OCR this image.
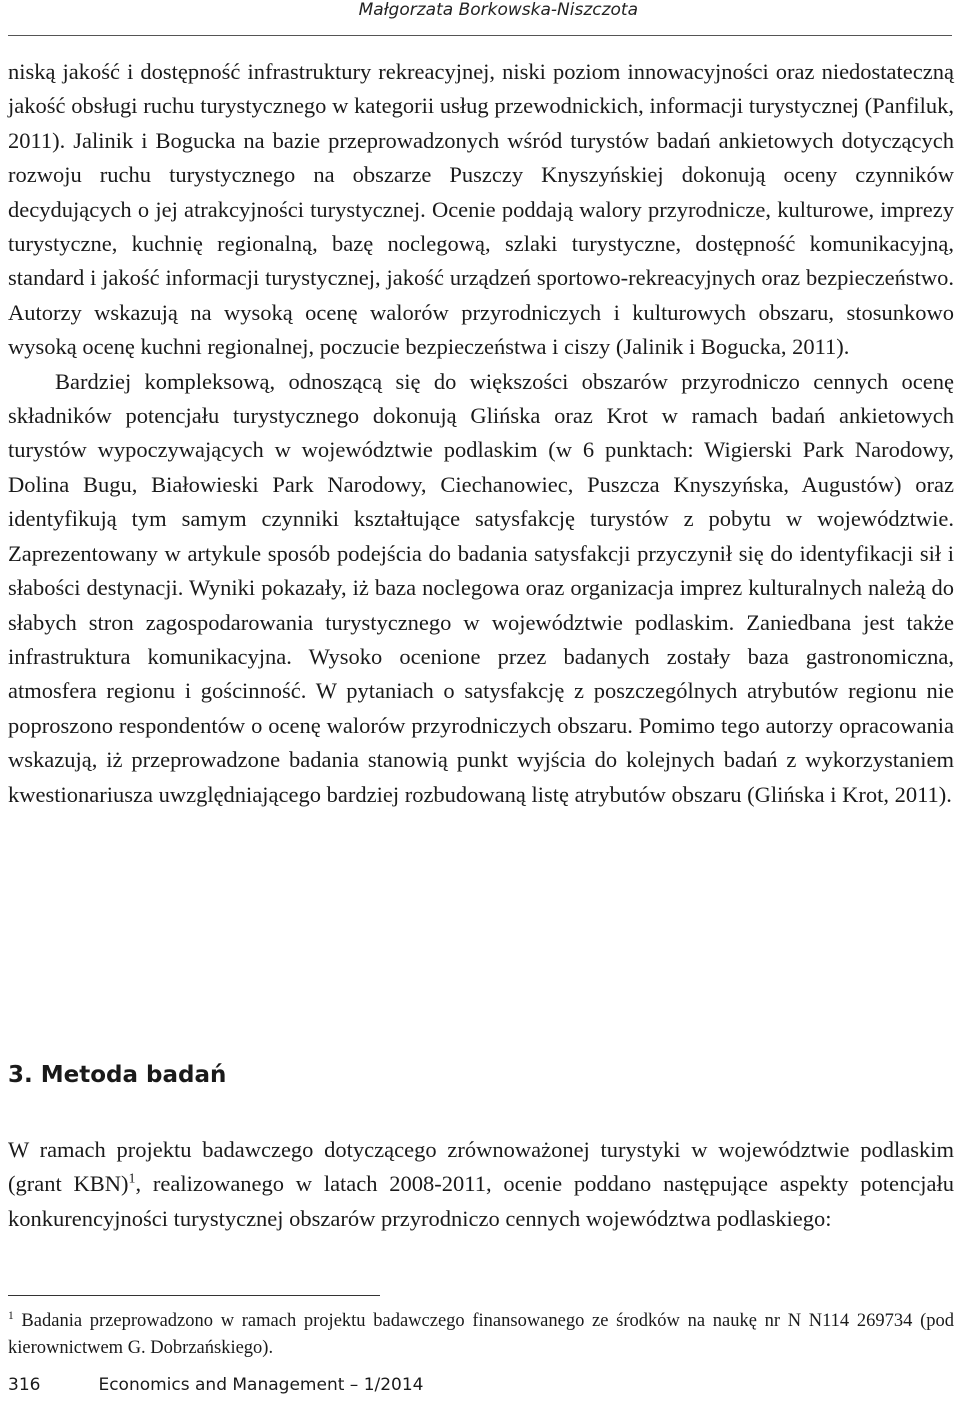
Małgorzata Borkowska-Niszczota

niską jakość i dostępność infrastruktury rekreacyjnej, niski poziom innowacyjności oraz niedostateczną jakość obsługi ruchu turystycznego w kategorii usług przewodnickich, informacji turystycznej (Panfiluk, 2011). Jalinik i Bogucka na bazie przeprowadzonych wśród turystów badań ankietowych dotyczących rozwoju ruchu turystycznego na obszarze Puszczy Knyszyńskiej dokonują oceny czynników decydujących o jej atrakcyjności turystycznej. Ocenie poddają walory przyrodnicze, kulturowe, imprezy turystyczne, kuchnię regionalną, bazę noclegową, szlaki turystyczne, dostępność komunikacyjną, standard i jakość informacji turystycznej, jakość urządzeń sportowo-rekreacyjnych oraz bezpieczeństwo. Autorzy wskazują na wysoką ocenę walorów przyrodniczych i kulturowych obszaru, stosunkowo wysoką ocenę kuchni regionalnej, poczucie bezpieczeństwa i ciszy (Jalinik i Bogucka, 2011).

Bardziej kompleksową, odnoszącą się do większości obszarów przyrodniczo cennych ocenę składników potencjału turystycznego dokonują Glińska oraz Krot w ramach badań ankietowych turystów wypoczywających w województwie podlaskim (w 6 punktach: Wigierski Park Narodowy, Dolina Bugu, Białowieski Park Narodowy, Ciechanowiec, Puszcza Knyszyńska, Augustów) oraz identyfikują tym samym czynniki kształtujące satysfakcję turystów z pobytu w województwie. Zaprezentowany w artykule sposób podejścia do badania satysfakcji przyczynił się do identyfikacji sił i słabości destynacji. Wyniki pokazały, iż baza noclegowa oraz organizacja imprez kulturalnych należą do słabych stron zagospodarowania turystycznego w województwie podlaskim. Zaniedbana jest także infrastruktura komunikacyjna. Wysoko ocenione przez badanych zostały baza gastronomiczna, atmosfera regionu i gościnność. W pytaniach o satysfakcję z poszczególnych atrybutów regionu nie poproszono respondentów o ocenę walorów przyrodniczych obszaru. Pomimo tego autorzy opracowania wskazują, iż przeprowadzone badania stanowią punkt wyjścia do kolejnych badań z wykorzystaniem kwestionariusza uwzględniającego bardziej rozbudowaną listę atrybutów obszaru (Glińska i Krot, 2011).

3. Metoda badań

W ramach projektu badawczego dotyczącego zrównoważonej turystyki w województwie podlaskim (grant KBN)$^1$, realizowanego w latach 2008-2011, ocenie poddano następujące aspekty potencjału konkurencyjności turystycznej obszarów przyrodniczo cennych województwa podlaskiego:

$^1$ Badania przeprowadzono w ramach projektu badawczego finansowanego ze środków na naukę nr N N114 269734 (pod kierownictwem G. Dobrzańskiego).

316	Economics and Management – 1/2014
